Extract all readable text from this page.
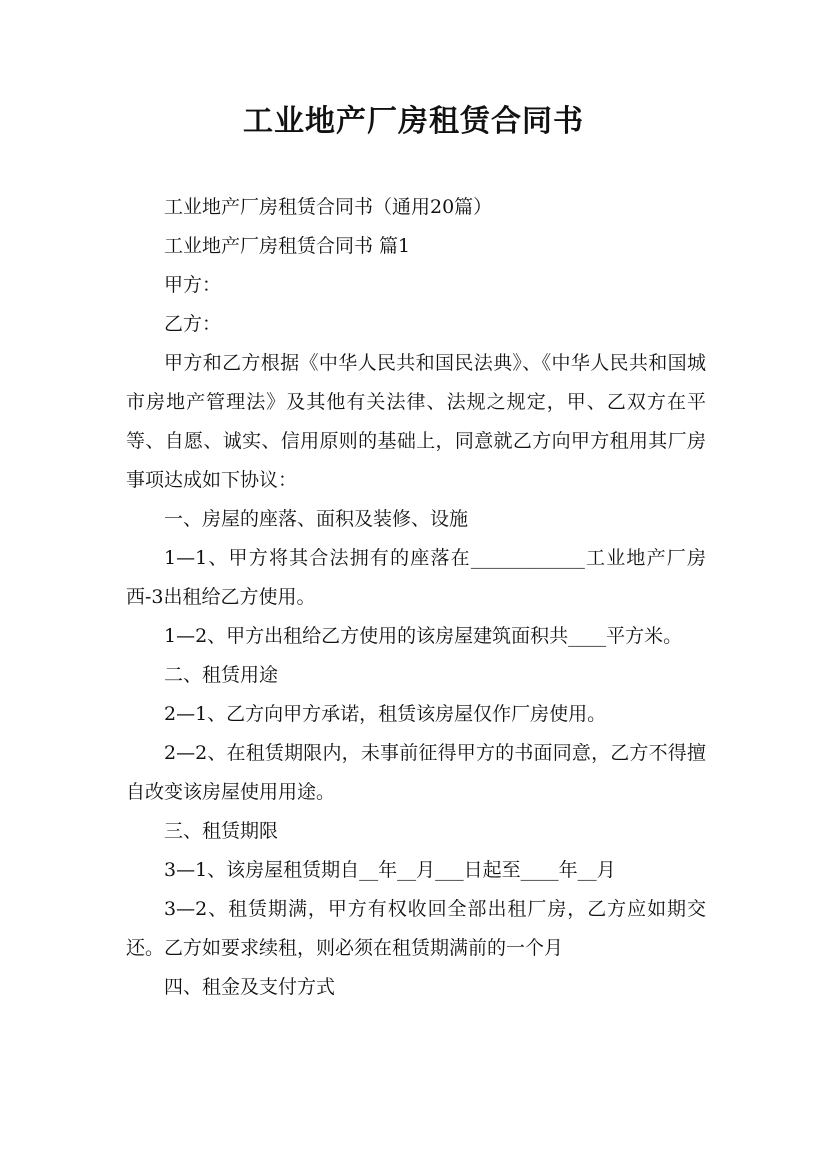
工业地产厂房租赁合同书

工业地产厂房租赁合同书（通用20篇）

工业地产厂房租赁合同书 篇1

甲方：

乙方：

甲方和乙方根据《中华人民共和国民法典》、《中华人民共和国城市房地产管理法》及其他有关法律、法规之规定，甲、乙双方在平等、自愿、诚实、信用原则的基础上，同意就乙方向甲方租用其厂房事项达成如下协议：

一、房屋的座落、面积及装修、设施

1—1、甲方将其合法拥有的座落在____________工业地产厂房西-3出租给乙方使用。

1—2、甲方出租给乙方使用的该房屋建筑面积共____平方米。

二、租赁用途

2—1、乙方向甲方承诺，租赁该房屋仅作厂房使用。

2—2、在租赁期限内，未事前征得甲方的书面同意，乙方不得擅自改变该房屋使用用途。

三、租赁期限

3—1、该房屋租赁期自__年__月___日起至____年__月

3—2、租赁期满，甲方有权收回全部出租厂房，乙方应如期交还。乙方如要求续租，则必须在租赁期满前的一个月

四、租金及支付方式
